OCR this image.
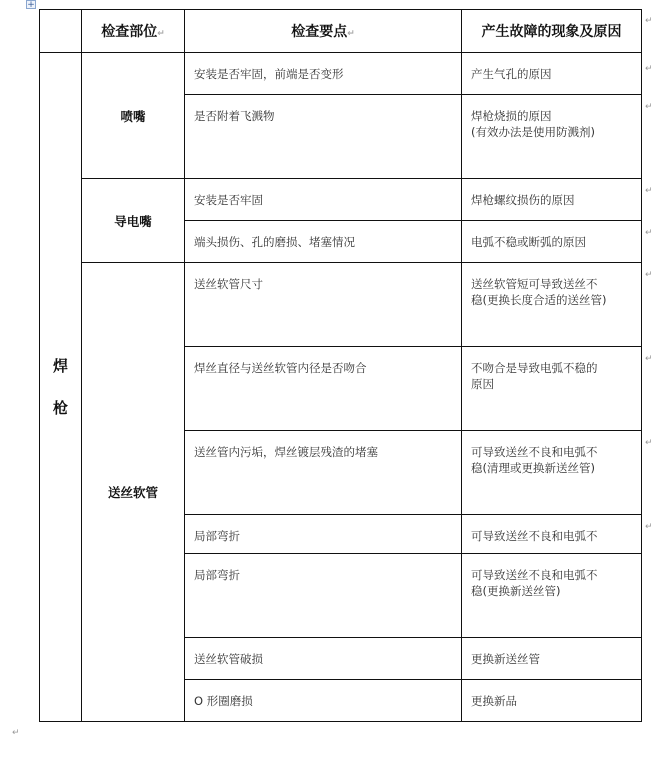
+
	检查部位↵	检查要点↵	产生故障的现象及原因

焊
枪	喷嘴	安装是否牢固，前端是否变形	产生气孔的原因

		是否附着飞溅物	焊枪烧损的原因
(有效办法是使用防溅剂)

	导电嘴	安装是否牢固	焊枪螺纹损伤的原因

		端头损伤、孔的磨损、堵塞情况	电弧不稳或断弧的原因

	送丝软管	送丝软管尺寸	送丝软管短可导致送丝不
稳(更换长度合适的送丝管)

		焊丝直径与送丝软管内径是否吻合	不吻合是导致电弧不稳的
原因

		送丝管内污垢，焊丝镀层残渣的堵塞	可导致送丝不良和电弧不
稳(清理或更换新送丝管)

		局部弯折	可导致送丝不良和电弧不

		局部弯折	可导致送丝不良和电弧不
稳(更换新送丝管)

		送丝软管破损	更换新送丝管

		O 形圈磨损	更换新品
↵
↵
↵
↵
↵
↵
↵
↵
↵
↵
